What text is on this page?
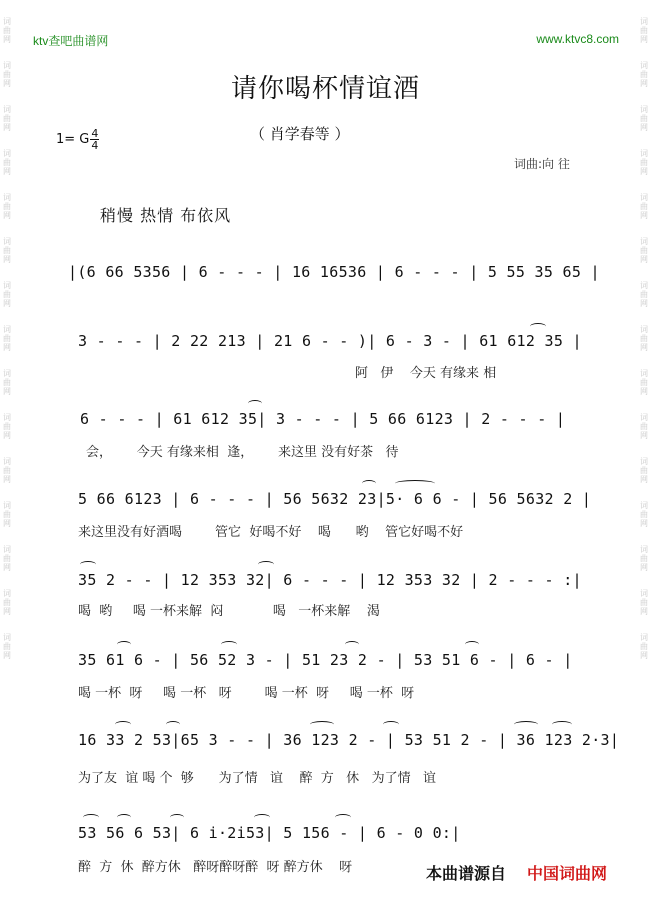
词
曲
网
词
曲
网
词
曲
网
词
曲
网
词
曲
网
词
曲
网
词
曲
网
词
曲
网
词
曲
网
词
曲
网
词
曲
网
词
曲
网
词
曲
网
词
曲
网
词
曲
网
词
曲
网
词
曲
网
词
曲
网
词
曲
网
词
曲
网
词
曲
网
词
曲
网
词
曲
网
词
曲
网
词
曲
网
词
曲
网
词
曲
网
词
曲
网
词
曲
网
词
曲
网
ktv查吧曲谱网	www.ktvc8.com
请你喝杯情谊酒
（ 肖学春等 ）
1= G $\frac{4}{4}$
词曲:向 往
稍慢 热情 布依风
|(6 66 5356 | 6 - - - | 16 16536 | 6 - - - | 5 55 35 65 |
3 - - - | 2 22 213 | 21 6 - - )| 6 - 3 - | 61 612 35 |
阿   伊    今天 有缘来 相
6 - - - | 61 612 35| 3 - - - | 5 66 6123 | 2 - - - |
会，      今天 有缘来相  逢，      来这里 没有好茶   待
5 66 6123 | 6 - - - | 56 5632 23|5· 6 6 - | 56 5632 2 |
来这里没有好酒喝        管它  好喝不好    喝      哟    管它好喝不好
35 2 - - | 12 353 32| 6 - - - | 12 353 32 | 2 - - - :|
喝  哟     喝 一杯来解  闷            喝   一杯来解    渴
35 61 6 - | 56 52 3 - | 51 23 2 - | 53 51 6 - | 6 - |
喝 一杯  呀     喝 一杯   呀        喝 一杯  呀     喝 一杯  呀
16 33 2 53|65 3 - - | 36 123 2 - | 53 51 2 - | 36 123 2·3|
为了友  谊 喝 个  够      为了情   谊    醉  方   休   为了情   谊
53 56 6 53| 6 i·2i53| 5 156 - | 6 - 0 0:|
醉  方  休  醉方休   醉呀醉呀醉  呀 醉方休    呀	本曲谱源自 中国词曲网
